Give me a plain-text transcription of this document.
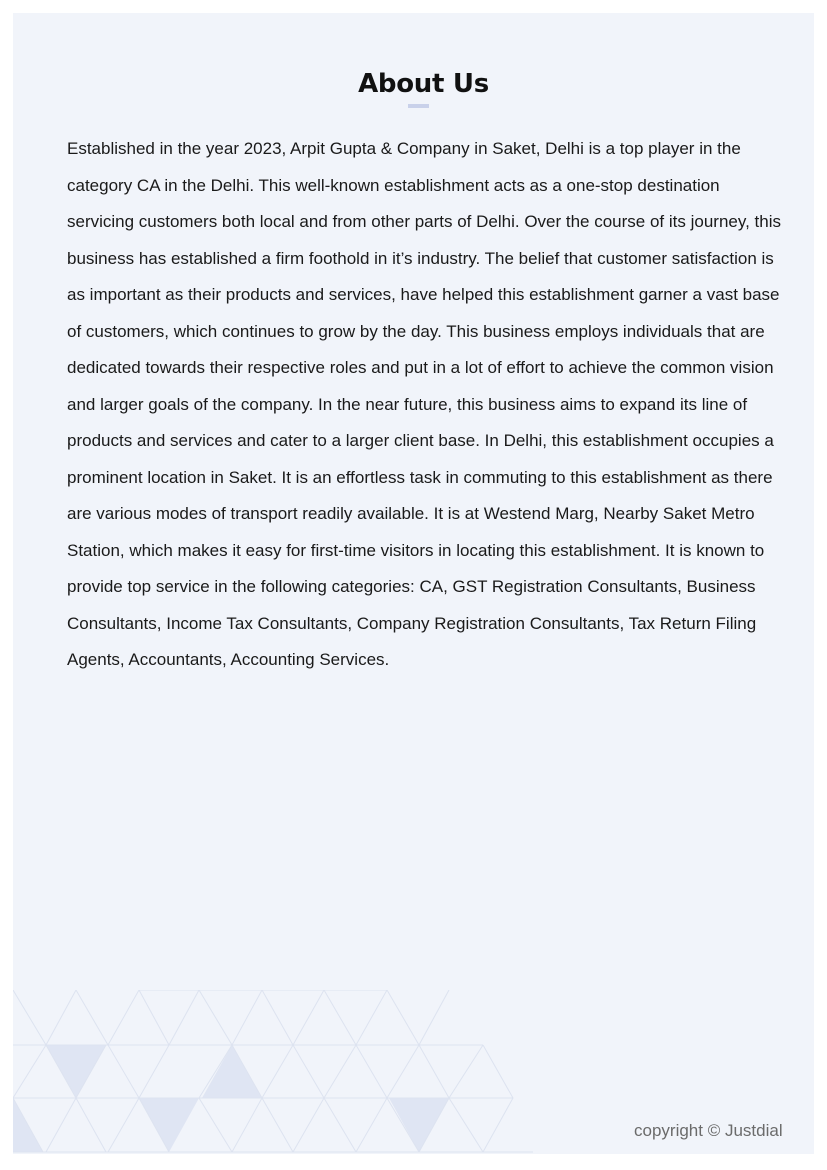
About Us

Established in the year 2023, Arpit Gupta & Company in Saket, Delhi is a top player in the category CA in the Delhi. This well-known establishment acts as a one-stop destination servicing customers both local and from other parts of Delhi. Over the course of its journey, this business has established a firm foothold in it’s industry. The belief that customer satisfaction is as important as their products and services, have helped this establishment garner a vast base of customers, which continues to grow by the day. This business employs individuals that are dedicated towards their respective roles and put in a lot of effort to achieve the common vision and larger goals of the company. In the near future, this business aims to expand its line of products and services and cater to a larger client base. In Delhi, this establishment occupies a prominent location in Saket. It is an effortless task in commuting to this establishment as there are various modes of transport readily available. It is at Westend Marg, Nearby Saket Metro Station, which makes it easy for first-time visitors in locating this establishment. It is known to provide top service in the following categories: CA, GST Registration Consultants, Business Consultants, Income Tax Consultants, Company Registration Consultants, Tax Return Filing Agents, Accountants, Accounting Services.

copyright © Justdial
